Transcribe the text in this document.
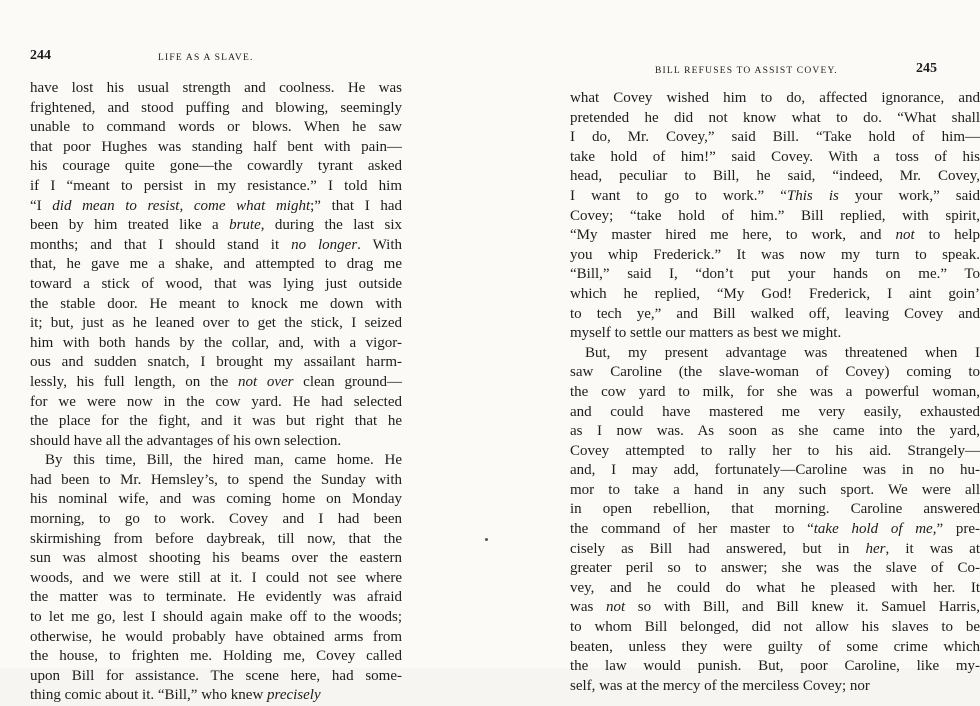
244	LIFE AS A SLAVE.
have lost his usual strength and coolness. He was
frightened, and stood puffing and blowing, seemingly
unable to command words or blows. When he saw
that poor Hughes was standing half bent with pain—
his courage quite gone—the cowardly tyrant asked
if I “meant to persist in my resistance.” I told him
“I did mean to resist, come what might;” that I had
been by him treated like a brute, during the last six
months; and that I should stand it no longer. With
that, he gave me a shake, and attempted to drag me
toward a stick of wood, that was lying just outside
the stable door. He meant to knock me down with
it; but, just as he leaned over to get the stick, I seized
him with both hands by the collar, and, with a vigor-
ous and sudden snatch, I brought my assailant harm-
lessly, his full length, on the not over clean ground—
for we were now in the cow yard. He had selected
the place for the fight, and it was but right that he
should have all the advantages of his own selection.
By this time, Bill, the hired man, came home. He
had been to Mr. Hemsley’s, to spend the Sunday with
his nominal wife, and was coming home on Monday
morning, to go to work. Covey and I had been
skirmishing from before daybreak, till now, that the
sun was almost shooting his beams over the eastern
woods, and we were still at it. I could not see where
the matter was to terminate. He evidently was afraid
to let me go, lest I should again make off to the woods;
otherwise, he would probably have obtained arms from
the house, to frighten me. Holding me, Covey called
upon Bill for assistance. The scene here, had some-
thing comic about it. “Bill,” who knew precisely
BILL REFUSES TO ASSIST COVEY.	245
what Covey wished him to do, affected ignorance, and
pretended he did not know what to do. “What shall
I do, Mr. Covey,” said Bill. “Take hold of him—
take hold of him!” said Covey. With a toss of his
head, peculiar to Bill, he said, “indeed, Mr. Covey,
I want to go to work.” “This is your work,” said
Covey; “take hold of him.” Bill replied, with spirit,
“My master hired me here, to work, and not to help
you whip Frederick.” It was now my turn to speak.
“Bill,” said I, “don’t put your hands on me.” To
which he replied, “My God! Frederick, I aint goin’
to tech ye,” and Bill walked off, leaving Covey and
myself to settle our matters as best we might.
But, my present advantage was threatened when I
saw Caroline (the slave-woman of Covey) coming to
the cow yard to milk, for she was a powerful woman,
and could have mastered me very easily, exhausted
as I now was. As soon as she came into the yard,
Covey attempted to rally her to his aid. Strangely—
and, I may add, fortunately—Caroline was in no hu-
mor to take a hand in any such sport. We were all
in open rebellion, that morning. Caroline answered
the command of her master to “take hold of me,” pre-
cisely as Bill had answered, but in her, it was at
greater peril so to answer; she was the slave of Co-
vey, and he could do what he pleased with her. It
was not so with Bill, and Bill knew it. Samuel Harris,
to whom Bill belonged, did not allow his slaves to be
beaten, unless they were guilty of some crime which
the law would punish. But, poor Caroline, like my-
self, was at the mercy of the merciless Covey; nor
